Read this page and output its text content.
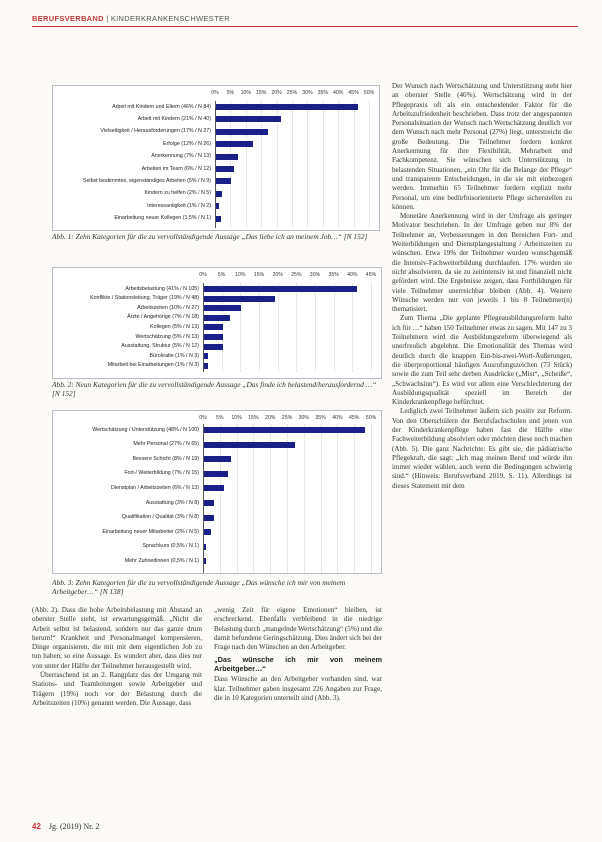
BERUFSVERBAND | KINDERKRANKENSCHWESTER
0% 5% 10% 15% 20% 25% 30% 35% 40% 45% 50%
Arbeit mit Kindern und Eltern (46% / N 84)
Arbeit mit Kindern (21% / N 40)
Vielseitigkeit / Herausforderungen (17% / N 27)
Erfolge (12% / N 26)
Anerkennung (7% / N 13)
Arbeiten im Team (6% / N 12)
Selbst bestimmtes, eigenständiges Arbeiten (5% / N 9)
Kindern zu helfen (2% / N 5)
Interessantigkeit (1% / N 2)
Einarbeitung neuer Kollegen (1,5% / N 1)
Abb. 1: Zehn Kategorien für die zu vervollständigende Aussage „Das liebe ich an meinem Job…“ [N 152]
0% 5% 10% 15% 20% 25% 30% 35% 40% 45%
Arbeitsbelastung (41% / N 105)
Konflikte / Stationsleitung, Träger (19% / N 48)
Arbeitszeiten (10% / N 27)
Ärzte / Angehörige (7% / N 18)
Kollegen (5% / N 13)
Wertschätzung (5% / N 13)
Ausstattung, Struktur (5% / N 12)
Bürokratie (1% / N 3)
Mitarbeit bei Einarbeitungen (1% / N 3)
Abb. 2: Neun Kategorien für die zu vervollständigende Aussage „Das finde ich belastend/herausfordernd …“ [N 152]
0% 5% 10% 15% 20% 25% 30% 35% 40% 45% 50%
Wertschätzung / Unterstützung (48% / N 100)
Mehr Personal (27% / N 65)
Bessere Schicht (8% / N 19)
Fort-/ Weiterbildung (7% / N 15)
Dienstplan / Arbeitszeiten (6% / N 13)
Ausstattung (3% / N 8)
Qualifikation / Qualität (3% / N 8)
Einarbeitung neuer Mitarbeiter (2% / N 5)
Sprachkurs (0,5% / N 1)
Mehr Zuhnedinnen (0,5% / N 1)
Abb. 3: Zehn Kategorien für die zu vervollständigende Aussage „Das wünsche ich mir von meinem Arbeitgeber…“ [N 138]

Der Wunsch nach Wertschätzung und Unterstützung steht hier an oberster Stelle (46%). Wertschätzung wird in der Pflegepraxis oft als ein entscheidender Faktor für die Arbeitszufriedenheit beschrieben. Dass trotz der angespannten Personalsituation der Wunsch nach Wertschätzung deutlich vor dem Wunsch nach mehr Personal (27%) liegt, unterstreicht die große Bedeutung. Die Teilnehmer fordern konkret Anerkennung für ihre Flexibilität, Mehrarbeit und Fachkompetenz. Sie wünschen sich Unterstützung in belastenden Situationen, „ein Ohr für die Belange der Pflege“ und transparente Entscheidungen, in die sie mit einbezogen werden. Immerhin 65 Teilnehmer fordern explizit mehr Personal, um eine bedürfnisorientierte Pflege sicherstellen zu können.

Monetäre Anerkennung wird in der Umfrage als geringer Motivator beschrieben. In der Umfrage geben nur 8% der Teilnehmer an, Verbesserungen in den Bereichen Fort- und Weiterbildungen und Dienstplangestaltung / Arbeitszeiten zu wünschen. Etwa 19% der Teilnehmer wurden wunschgemäß die Intensiv-Fachweiterbildung durchlaufen. 17% wurden sie nicht absolvieren, da sie zu zeitintensiv ist und finanziell nicht gefördert wird. Die Ergebnisse zeigen, dass Fortbildungen für viele Teilnehmer unerreichbar bleiben (Abb. 4). Weitere Wünsche werden nur von jeweils 1 bis 8 Teilnehmer(n) thematisiert.

Zum Thema „Die geplante Pflegeausbildungsreform halte ich für …“ haben 150 Teilnehmer etwas zu sagen. Mit 147 zu 3 Teilnehmern wird die Ausbildungsreform überwiegend als unerfreulich abgelehnt. Die Emotionalität des Themas wird deutlich durch die knappen Ein-bis-zwei-Wort-Äußerungen, die überproportional häufigen Ausrufungszeichen (73 Stück) sowie die zum Teil sehr derben Ausdrücke („Mist“, „Scheiße“, „Schwachsinn“). Es wird vor allem eine Verschlechterung der Ausbildungsqualität speziell im Bereich der Kinderkrankenpflege befürchtet.

Lediglich zwei Teilnehmer äußern sich positiv zur Reform. Von den Oberschülern der Berufsfachschulen und jenen von der Kinderkrankenpflege haben fast die Hälfte eine Fachweiterbildung absolviert oder möchten diese noch machen (Abb. 5). Die ganz Nachrichte: Es gibt sie, die pädiatrische Pflegekraft, die sagt: „Ich mag meinen Beruf und würde ihn immer wieder wählen, auch wenn die Bedingungen schwierig sind.“ (Hinweis: Berufsverband 2019, S. 11). Allerdings ist dieses Statement mit dem

(Abb. 2). Dass die hohe Arbeitsbelastung mit Abstand an oberster Stelle steht, ist erwartungsgemäß. „Nicht die Arbeit selbst ist belastend, sondern nur das ganze drum herum!“ Krankheit und Personalmangel kompensieren, Dinge organisieren, die mit mit dem eigentlichen Job zu tun haben, so eine Aussage. Es wundert aber, dass dies nur von unter der Hälfte der Teilnehmer herausgestellt wird.

Überraschend ist an 2. Rangplatz das der Umgang mit Stations- und Teamleitungen sowie Arbeitgeber und Trägern (19%) noch vor der Belastung durch die Arbeitszeiten (10%) genannt werden. Die Aussage, dass

„wenig Zeit für eigene Emotionen“ bleiben, ist erschreckend. Ebenfalls verbleibend in die niedrige Belastung durch „mangelnde Wertschätzung“ (5%) und die damit befundene Geringschätzung. Dies ändert sich bei der Frage nach den Wünschen an den Arbeitgeber.

„Das wünsche ich mir von meinem Arbeitgeber…“

Dass Wünsche an den Arbeitgeber vorhanden sind, war klar. Teilnehmer gaben insgesamt 226 Angaben zur Frage, die in 10 Kategorien unterteilt sind (Abb. 3).

42 Jg. (2019) Nr. 2
